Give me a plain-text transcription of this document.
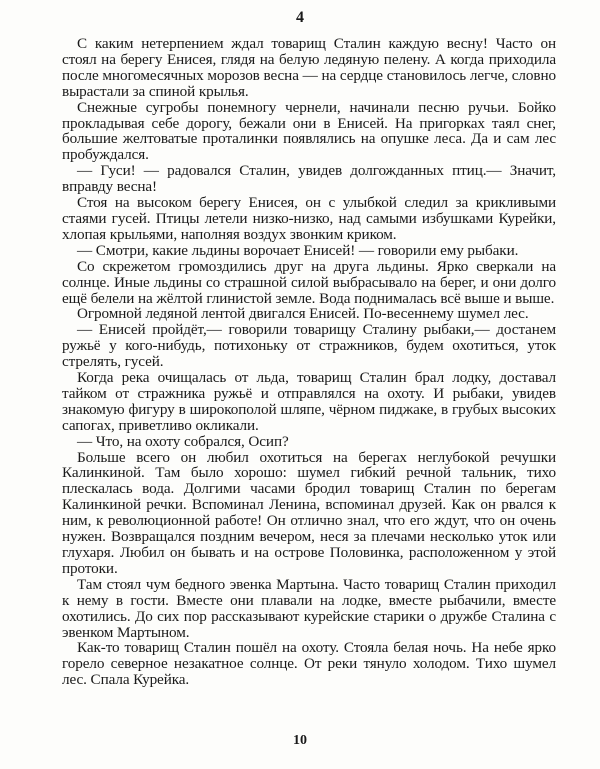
4

С каким нетерпением ждал товарищ Сталин каждую весну! Часто он стоял на берегу Енисея, глядя на белую ледяную пелену. А когда приходила после многомесячных морозов весна — на сердце становилось легче, словно вырастали за спиной крылья.

Снежные сугробы понемногу чернели, начинали песню ручьи. Бойко прокладывая себе дорогу, бежали они в Енисей. На пригорках таял снег, большие желтоватые проталинки появлялись на опушке леса. Да и сам лес пробуждался.

— Гуси! — радовался Сталин, увидев долгожданных птиц.— Значит, вправду весна!

Стоя на высоком берегу Енисея, он с улыбкой следил за крикливыми стаями гусей. Птицы летели низко-низко, над самыми избушками Курейки, хлопая крыльями, наполняя воздух звонким криком.

— Смотри, какие льдины ворочает Енисей! — говорили ему рыбаки.

Со скрежетом громоздились друг на друга льдины. Ярко сверкали на солнце. Иные льдины со страшной силой выбрасывало на берег, и они долго ещё белели на жёлтой глинистой земле. Вода поднималась всё выше и выше.

Огромной ледяной лентой двигался Енисей. По-весеннему шумел лес.

— Енисей пройдёт,— говорили товарищу Сталину рыбаки,— достанем ружьё у кого-нибудь, потихоньку от стражников, будем охотиться, уток стрелять, гусей.

Когда река очищалась от льда, товарищ Сталин брал лодку, доставал тайком от стражника ружьё и отправлялся на охоту. И рыбаки, увидев знакомую фигуру в широкополой шляпе, чёрном пиджаке, в грубых высоких сапогах, приветливо окликали.

— Что, на охоту собрался, Осип?

Больше всего он любил охотиться на берегах неглубокой речушки Калинкиной. Там было хорошо: шумел гибкий речной тальник, тихо плескалась вода. Долгими часами бродил товарищ Сталин по берегам Калинкиной речки. Вспоминал Ленина, вспоминал друзей. Как он рвался к ним, к революционной работе! Он отлично знал, что его ждут, что он очень нужен. Возвращался поздним вечером, неся за плечами несколько уток или глухаря. Любил он бывать и на острове Половинка, расположенном у этой протоки.

Там стоял чум бедного эвенка Мартына. Часто товарищ Сталин приходил к нему в гости. Вместе они плавали на лодке, вместе рыбачили, вместе охотились. До сих пор рассказывают курейские старики о дружбе Сталина с эвенком Мартыном.

Как-то товарищ Сталин пошёл на охоту. Стояла белая ночь. На небе ярко горело северное незакатное солнце. От реки тянуло холодом. Тихо шумел лес. Спала Курейка.

10
